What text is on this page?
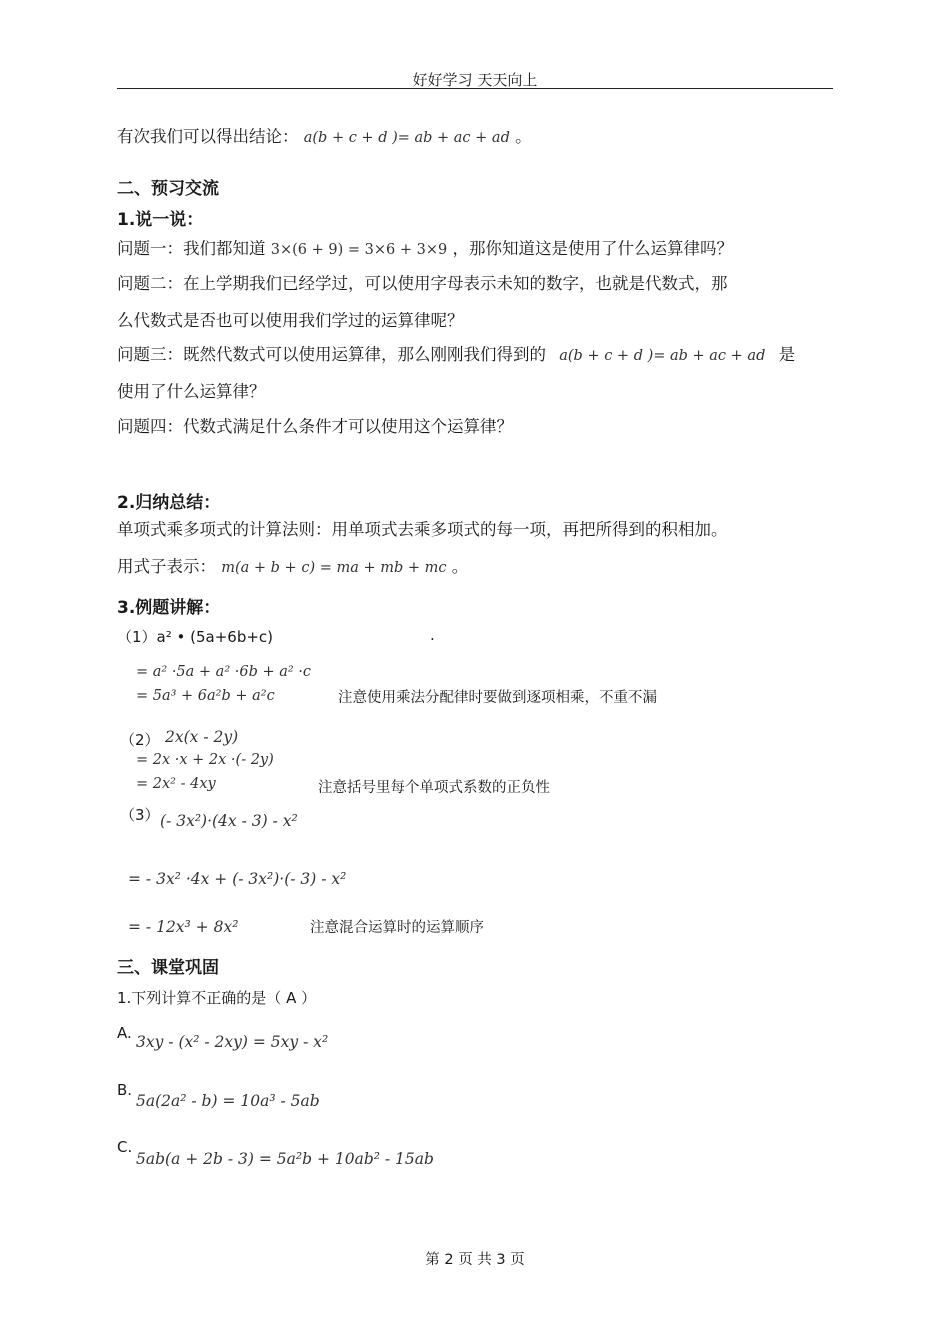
好好学习 天天向上
有次我们可以得出结论： a(b + c + d )= ab + ac + ad 。
二、预习交流
1.说一说：
问题一：我们都知道 3×(6 + 9) = 3×6 + 3×9 ，那你知道这是使用了什么运算律吗？
问题二：在上学期我们已经学过，可以使用字母表示未知的数字，也就是代数式，那
么代数式是否也可以使用我们学过的运算律呢？
问题三：既然代数式可以使用运算律，那么刚刚我们得到的 a(b + c + d )= ab + ac + ad 是
使用了什么运算律？
问题四：代数式满足什么条件才可以使用这个运算律？
2.归纳总结：
单项式乘多项式的计算法则：用单项式去乘多项式的每一项，再把所得到的积相加。
用式子表示： m(a + b + c) = ma + mb + mc 。
3.例题讲解：
（1）a² • (5a+6b+c)	.
= a² ·5a + a² ·6b + a² ·c
= 5a³ + 6a²b + a²c	注意使用乘法分配律时要做到逐项相乘，不重不漏
（2） 2x(x - 2y)
= 2x ·x + 2x ·(- 2y)
= 2x² - 4xy	注意括号里每个单项式系数的正负性
（3） (- 3x²)·(4x - 3) - x²
= - 3x² ·4x + (- 3x²)·(- 3) - x²
= - 12x³ + 8x²	注意混合运算时的运算顺序
三、课堂巩固
1.下列计算不正确的是（ A ）
A. 3xy - (x² - 2xy) = 5xy - x²
B.
5a(2a² - b) = 10a³ - 5ab
C.
5ab(a + 2b - 3) = 5a²b + 10ab² - 15ab
第 2 页 共 3 页
